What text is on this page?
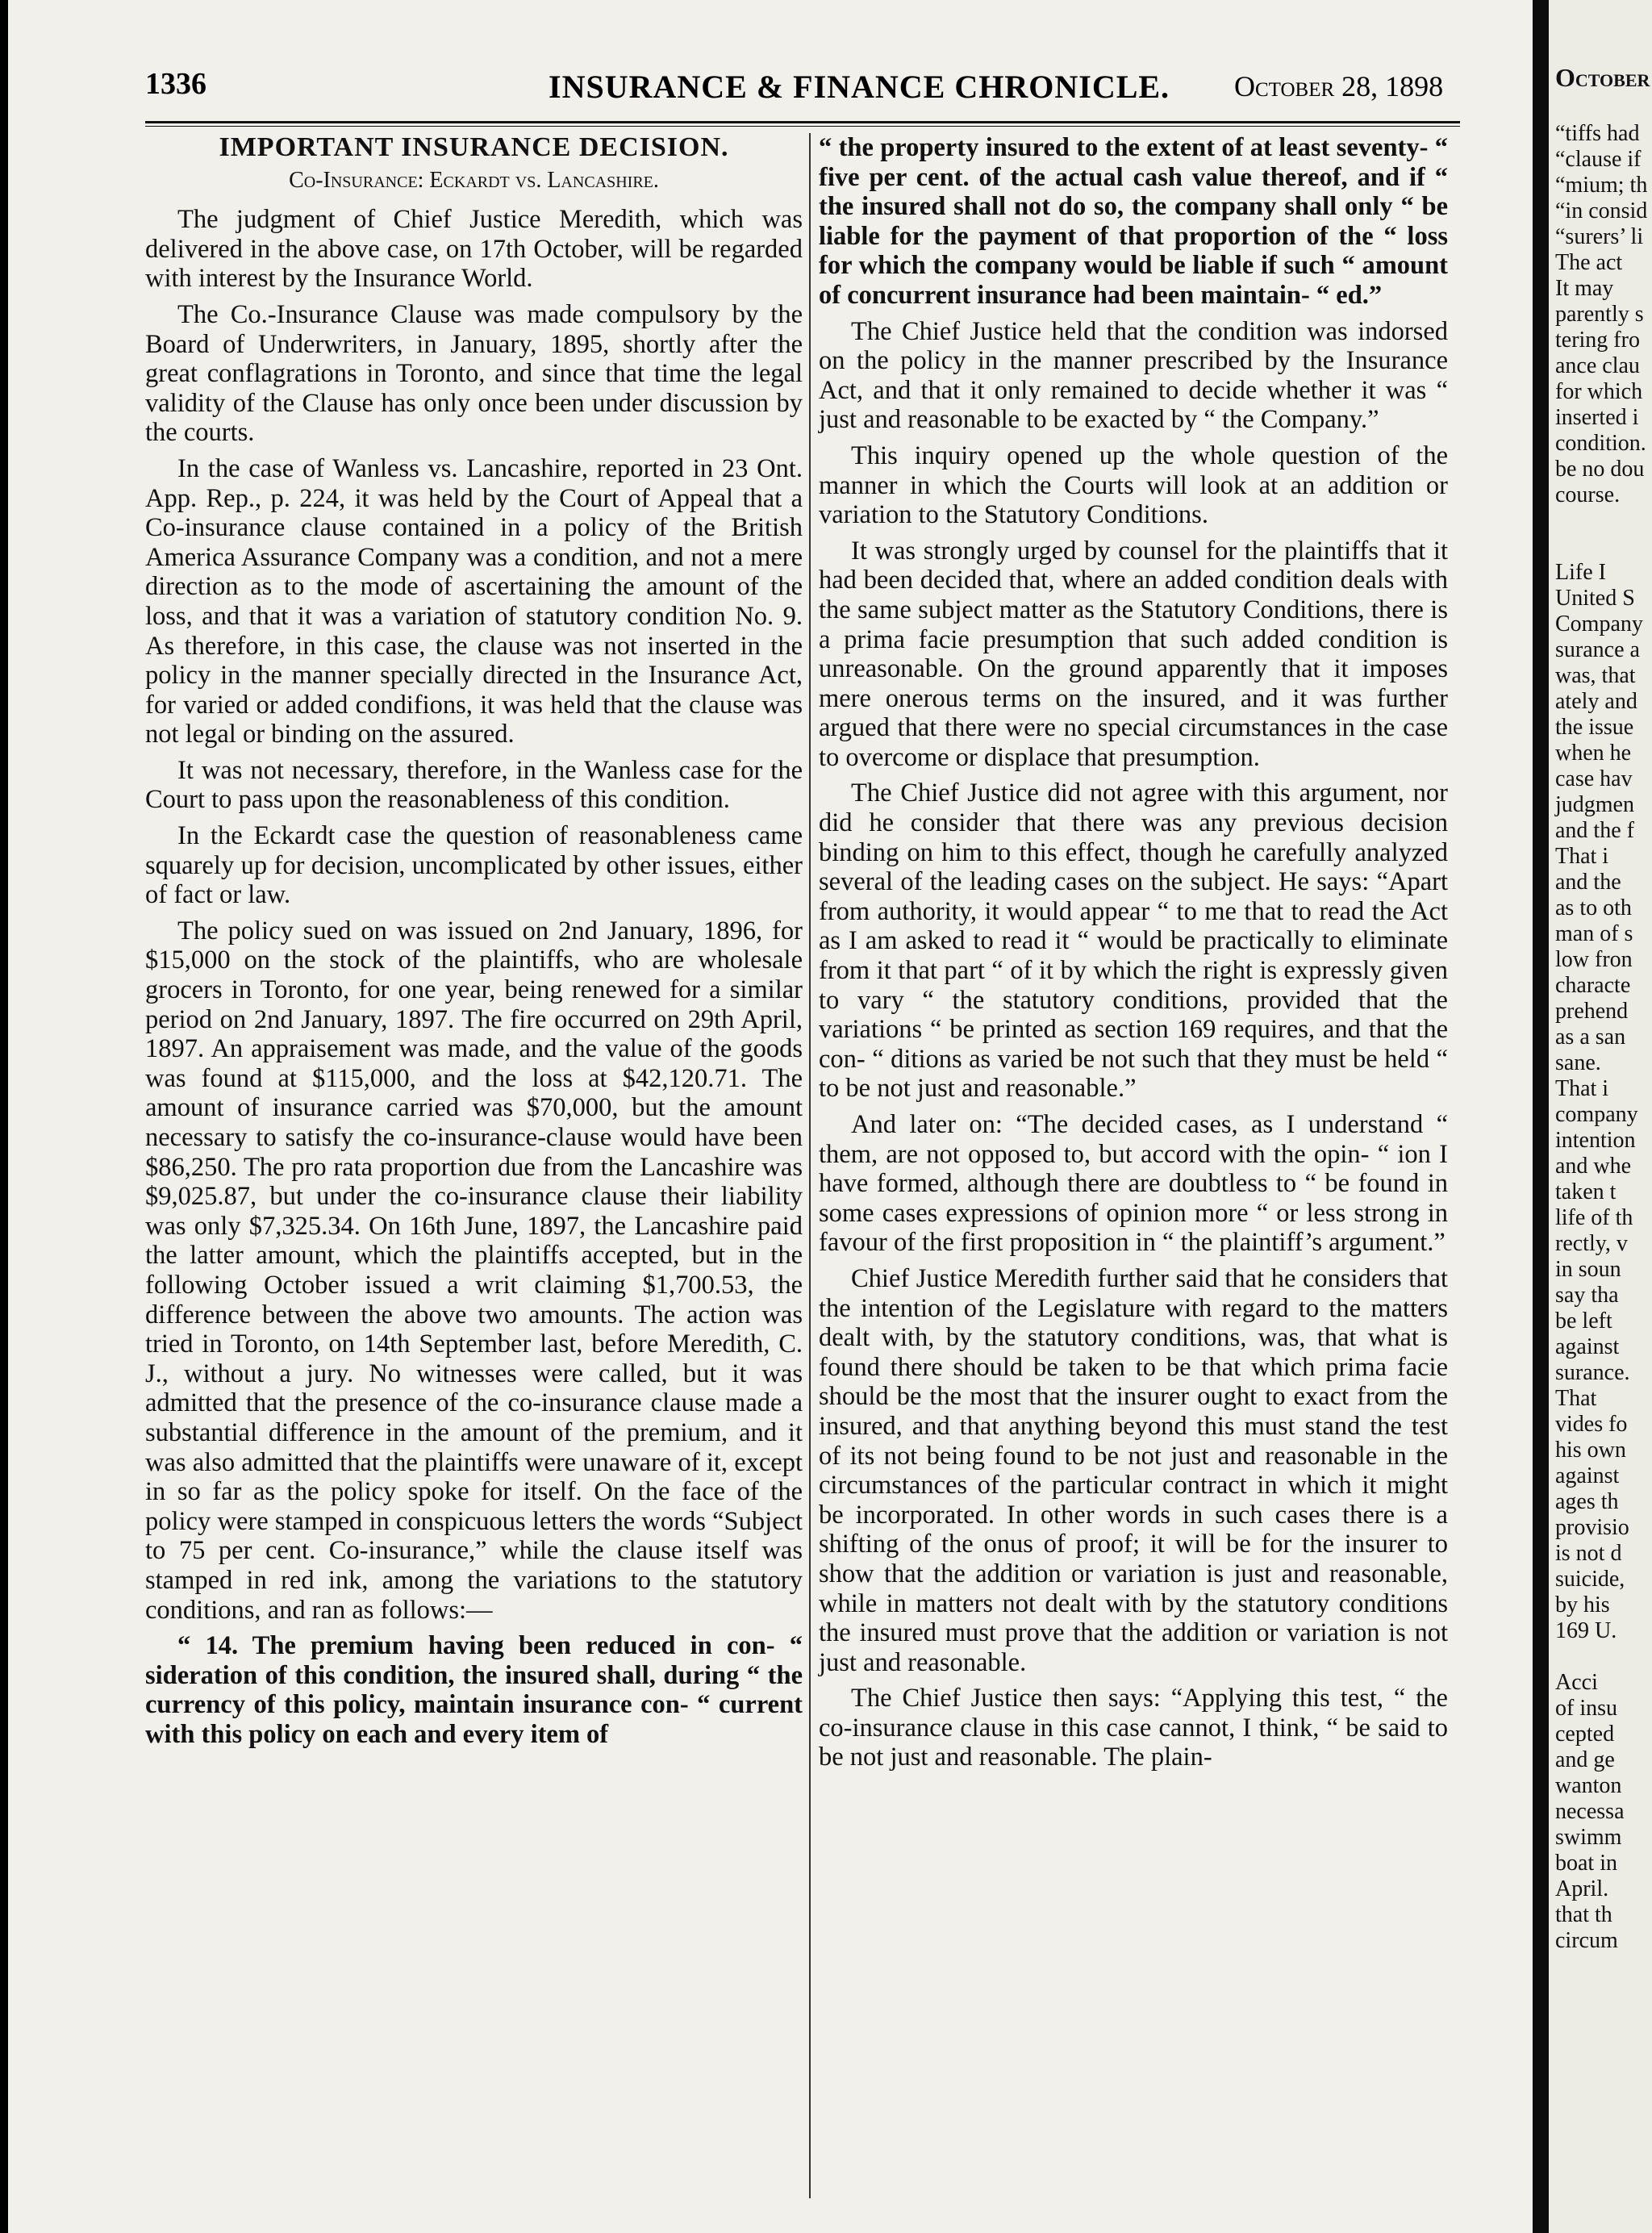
1336	INSURANCE & FINANCE CHRONICLE. October 28, 1898
IMPORTANT INSURANCE DECISION.
Co-Insurance: Eckardt vs. Lancashire.

The judgment of Chief Justice Meredith, which was delivered in the above case, on 17th October, will be regarded with interest by the Insurance World.

The Co.-Insurance Clause was made compulsory by the Board of Underwriters, in January, 1895, shortly after the great conflagrations in Toronto, and since that time the legal validity of the Clause has only once been under discussion by the courts.

In the case of Wanless vs. Lancashire, reported in 23 Ont. App. Rep., p. 224, it was held by the Court of Appeal that a Co-insurance clause contained in a policy of the British America Assurance Company was a condition, and not a mere direction as to the mode of ascertaining the amount of the loss, and that it was a variation of statutory condition No. 9. As therefore, in this case, the clause was not inserted in the policy in the manner specially directed in the Insurance Act, for varied or added condifions, it was held that the clause was not legal or binding on the assured.

It was not necessary, therefore, in the Wanless case for the Court to pass upon the reasonableness of this condition.

In the Eckardt case the question of reasonableness came squarely up for decision, uncomplicated by other issues, either of fact or law.

The policy sued on was issued on 2nd January, 1896, for $15,000 on the stock of the plaintiffs, who are wholesale grocers in Toronto, for one year, being renewed for a similar period on 2nd January, 1897. The fire occurred on 29th April, 1897. An appraisement was made, and the value of the goods was found at $115,000, and the loss at $42,120.71. The amount of insurance carried was $70,000, but the amount necessary to satisfy the co-insurance-clause would have been $86,250. The pro rata proportion due from the Lancashire was $9,025.87, but under the co-insurance clause their liability was only $7,325.34. On 16th June, 1897, the Lancashire paid the latter amount, which the plaintiffs accepted, but in the following October issued a writ claiming $1,700.53, the difference between the above two amounts. The action was tried in Toronto, on 14th September last, before Meredith, C. J., without a jury. No witnesses were called, but it was admitted that the presence of the co-insurance clause made a substantial difference in the amount of the premium, and it was also admitted that the plaintiffs were unaware of it, except in so far as the policy spoke for itself. On the face of the policy were stamped in conspicuous letters the words “Subject to 75 per cent. Co-insurance,” while the clause itself was stamped in red ink, among the variations to the statutory conditions, and ran as follows:—

“ 14. The premium having been reduced in con- “ sideration of this condition, the insured shall, during “ the currency of this policy, maintain insurance con- “ current with this policy on each and every item of

“ the property insured to the extent of at least seventy- “ five per cent. of the actual cash value thereof, and if “ the insured shall not do so, the company shall only “ be liable for the payment of that proportion of the “ loss for which the company would be liable if such “ amount of concurrent insurance had been maintain- “ ed.”

The Chief Justice held that the condition was indorsed on the policy in the manner prescribed by the Insurance Act, and that it only remained to decide whether it was “ just and reasonable to be exacted by “ the Company.”

This inquiry opened up the whole question of the manner in which the Courts will look at an addition or variation to the Statutory Conditions.

It was strongly urged by counsel for the plaintiffs that it had been decided that, where an added condition deals with the same subject matter as the Statutory Conditions, there is a prima facie presumption that such added condition is unreasonable. On the ground apparently that it imposes mere onerous terms on the insured, and it was further argued that there were no special circumstances in the case to overcome or displace that presumption.

The Chief Justice did not agree with this argument, nor did he consider that there was any previous decision binding on him to this effect, though he carefully analyzed several of the leading cases on the subject. He says: “Apart from authority, it would appear “ to me that to read the Act as I am asked to read it “ would be practically to eliminate from it that part “ of it by which the right is expressly given to vary “ the statutory conditions, provided that the variations “ be printed as section 169 requires, and that the con- “ ditions as varied be not such that they must be held “ to be not just and reasonable.”

And later on: “The decided cases, as I understand “ them, are not opposed to, but accord with the opin- “ ion I have formed, although there are doubtless to “ be found in some cases expressions of opinion more “ or less strong in favour of the first proposition in “ the plaintiff’s argument.”

Chief Justice Meredith further said that he considers that the intention of the Legislature with regard to the matters dealt with, by the statutory conditions, was, that what is found there should be taken to be that which prima facie should be the most that the insurer ought to exact from the insured, and that anything beyond this must stand the test of its not being found to be not just and reasonable in the circumstances of the particular contract in which it might be incorporated. In other words in such cases there is a shifting of the onus of proof; it will be for the insurer to show that the addition or variation is just and reasonable, while in matters not dealt with by the statutory conditions the insured must prove that the addition or variation is not just and reasonable.

The Chief Justice then says: “Applying this test, “ the co-insurance clause in this case cannot, I think, “ be said to be not just and reasonable. The plain-

October
“tiffs had
“clause if
“mium; th
“in consid
“surers’ li
The act
It may
parently s
tering fro
ance clau
for which
inserted i
condition.
be no dou
course.

Life I
United S
Company
surance a
was, that
ately and
the issue
when he
case hav
judgmen
and the f
That i
and the
as to oth
man of s
low fron
characte
prehend
as a san
sane.
That i
company
intention
and whe
taken t
life of th
rectly, v
in soun
say tha
be left
against
surance.
That
vides fo
his own
against
ages th
provisio
is not d
suicide,
by his
169 U.

Acci
of insu
cepted
and ge
wanton
necessa
swimm
boat in
April.
that th
circum
